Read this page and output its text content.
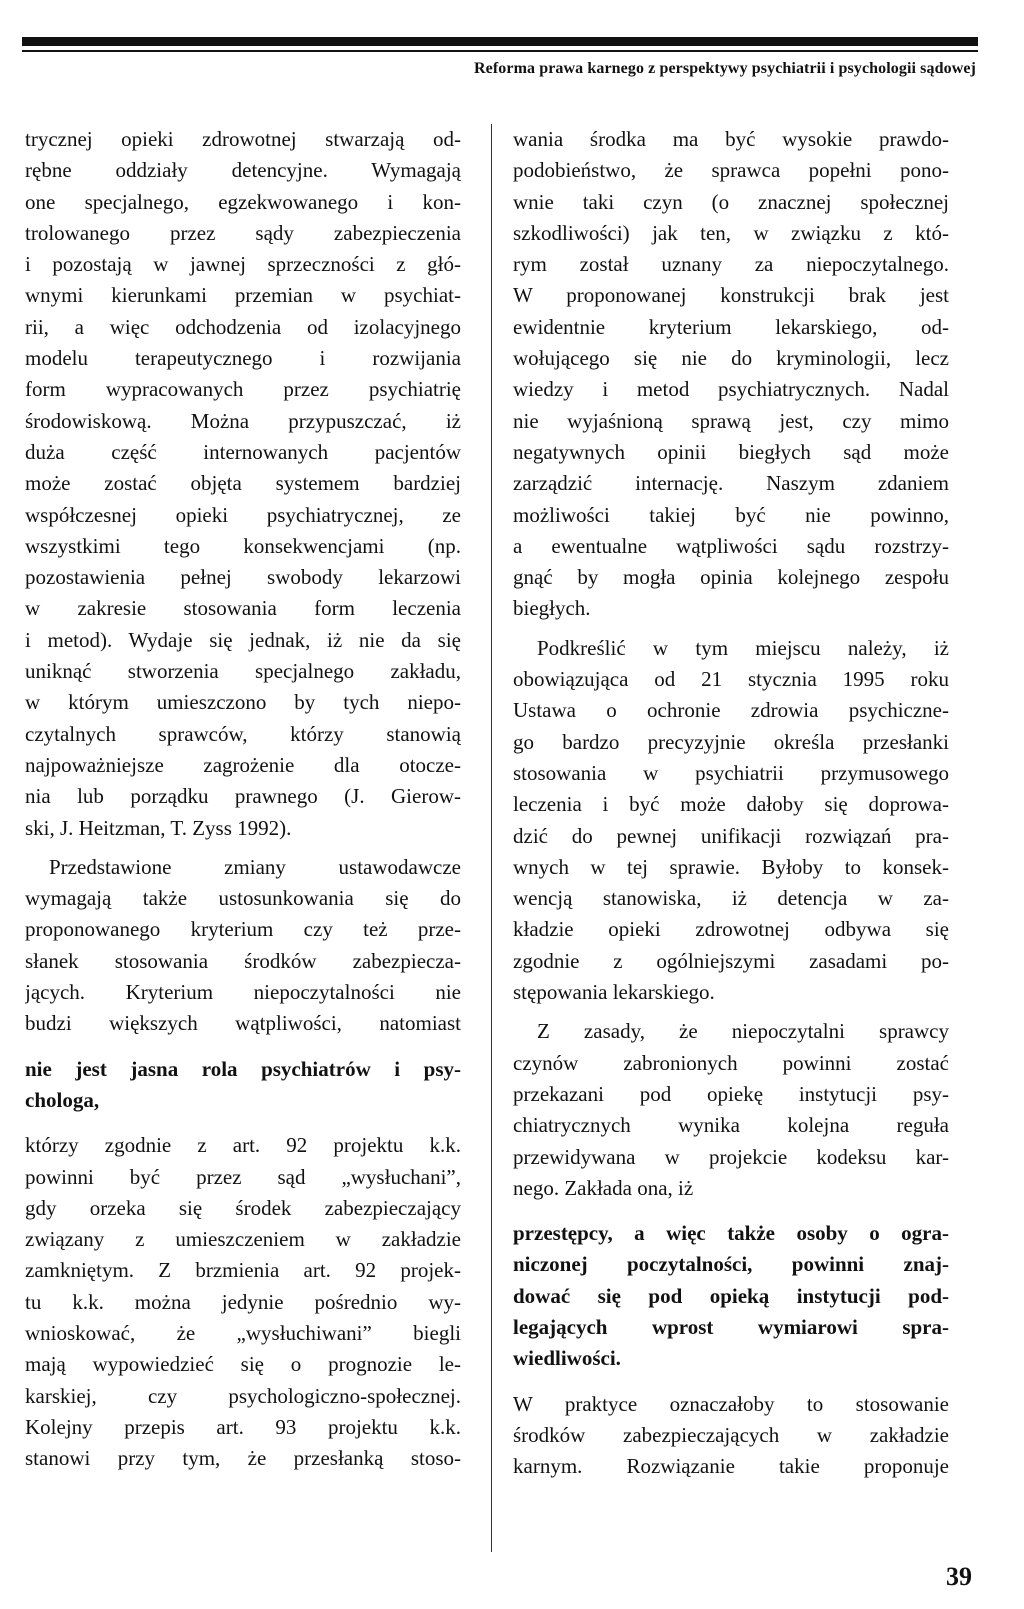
Reforma prawa karnego z perspektywy psychiatrii i psychologii sądowej
trycznej opieki zdrowotnej stwarzają od-
rębne oddziały detencyjne. Wymagają
one specjalnego, egzekwowanego i kon-
trolowanego przez sądy zabezpieczenia
i pozostają w jawnej sprzeczności z głó-
wnymi kierunkami przemian w psychiat-
rii, a więc odchodzenia od izolacyjnego
modelu terapeutycznego i rozwijania
form wypracowanych przez psychiatrię
środowiskową. Można przypuszczać, iż
duża część internowanych pacjentów
może zostać objęta systemem bardziej
współczesnej opieki psychiatrycznej, ze
wszystkimi tego konsekwencjami (np.
pozostawienia pełnej swobody lekarzowi
w zakresie stosowania form leczenia
i metod). Wydaje się jednak, iż nie da się
uniknąć stworzenia specjalnego zakładu,
w którym umieszczono by tych niepo-
czytalnych sprawców, którzy stanowią
najpoważniejsze zagrożenie dla otocze-
nia lub porządku prawnego (J. Gierow-
ski, J. Heitzman, T. Zyss 1992).
Przedstawione zmiany ustawodawcze
wymagają także ustosunkowania się do
proponowanego kryterium czy też prze-
słanek stosowania środków zabezpiecza-
jących. Kryterium niepoczytalności nie
budzi większych wątpliwości, natomiast
nie jest jasna rola psychiatrów i psy-
chologa,
którzy zgodnie z art. 92 projektu k.k.
powinni być przez sąd „wysłuchani”,
gdy orzeka się środek zabezpieczający
związany z umieszczeniem w zakładzie
zamkniętym. Z brzmienia art. 92 projek-
tu k.k. można jedynie pośrednio wy-
wnioskować, że „wysłuchiwani” biegli
mają wypowiedzieć się o prognozie le-
karskiej, czy psychologiczno-społecznej.
Kolejny przepis art. 93 projektu k.k.
stanowi przy tym, że przesłanką stoso-
wania środka ma być wysokie prawdo-
podobieństwo, że sprawca popełni pono-
wnie taki czyn (o znacznej społecznej
szkodliwości) jak ten, w związku z któ-
rym został uznany za niepoczytalnego.
W proponowanej konstrukcji brak jest
ewidentnie kryterium lekarskiego, od-
wołującego się nie do kryminologii, lecz
wiedzy i metod psychiatrycznych. Nadal
nie wyjaśnioną sprawą jest, czy mimo
negatywnych opinii biegłych sąd może
zarządzić internację. Naszym zdaniem
możliwości takiej być nie powinno,
a ewentualne wątpliwości sądu rozstrzy-
gnąć by mogła opinia kolejnego zespołu
biegłych.
Podkreślić w tym miejscu należy, iż
obowiązująca od 21 stycznia 1995 roku
Ustawa o ochronie zdrowia psychiczne-
go bardzo precyzyjnie określa przesłanki
stosowania w psychiatrii przymusowego
leczenia i być może dałoby się doprowa-
dzić do pewnej unifikacji rozwiązań pra-
wnych w tej sprawie. Byłoby to konsek-
wencją stanowiska, iż detencja w za-
kładzie opieki zdrowotnej odbywa się
zgodnie z ogólniejszymi zasadami po-
stępowania lekarskiego.
Z zasady, że niepoczytalni sprawcy
czynów zabronionych powinni zostać
przekazani pod opiekę instytucji psy-
chiatrycznych wynika kolejna reguła
przewidywana w projekcie kodeksu kar-
nego. Zakłada ona, iż
przestępcy, a więc także osoby o ogra-
niczonej poczytalności, powinni znaj-
dować się pod opieką instytucji pod-
legających wprost wymiarowi spra-
wiedliwości.
W praktyce oznaczałoby to stosowanie
środków zabezpieczających w zakładzie
karnym. Rozwiązanie takie proponuje
39
